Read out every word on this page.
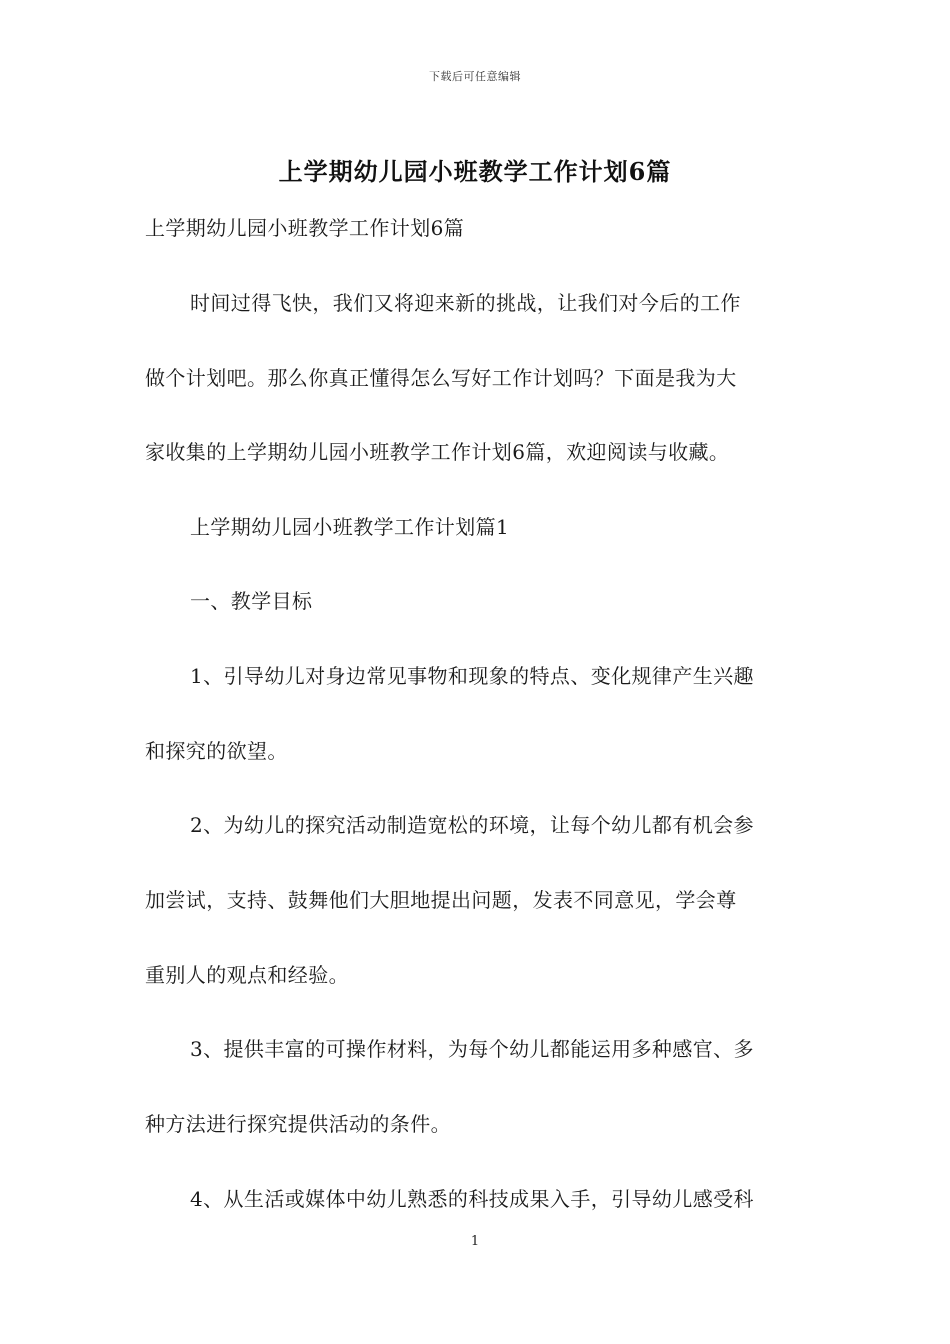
下载后可任意编辑
上学期幼儿园小班教学工作计划6篇
上学期幼儿园小班教学工作计划6篇
时间过得飞快，我们又将迎来新的挑战，让我们对今后的工作
做个计划吧。那么你真正懂得怎么写好工作计划吗？下面是我为大
家收集的上学期幼儿园小班教学工作计划6篇，欢迎阅读与收藏。
上学期幼儿园小班教学工作计划篇1
一、教学目标
1、引导幼儿对身边常见事物和现象的特点、变化规律产生兴趣
和探究的欲望。
2、为幼儿的探究活动制造宽松的环境，让每个幼儿都有机会参
加尝试，支持、鼓舞他们大胆地提出问题，发表不同意见，学会尊
重别人的观点和经验。
3、提供丰富的可操作材料，为每个幼儿都能运用多种感官、多
种方法进行探究提供活动的条件。
4、从生活或媒体中幼儿熟悉的科技成果入手，引导幼儿感受科
1
